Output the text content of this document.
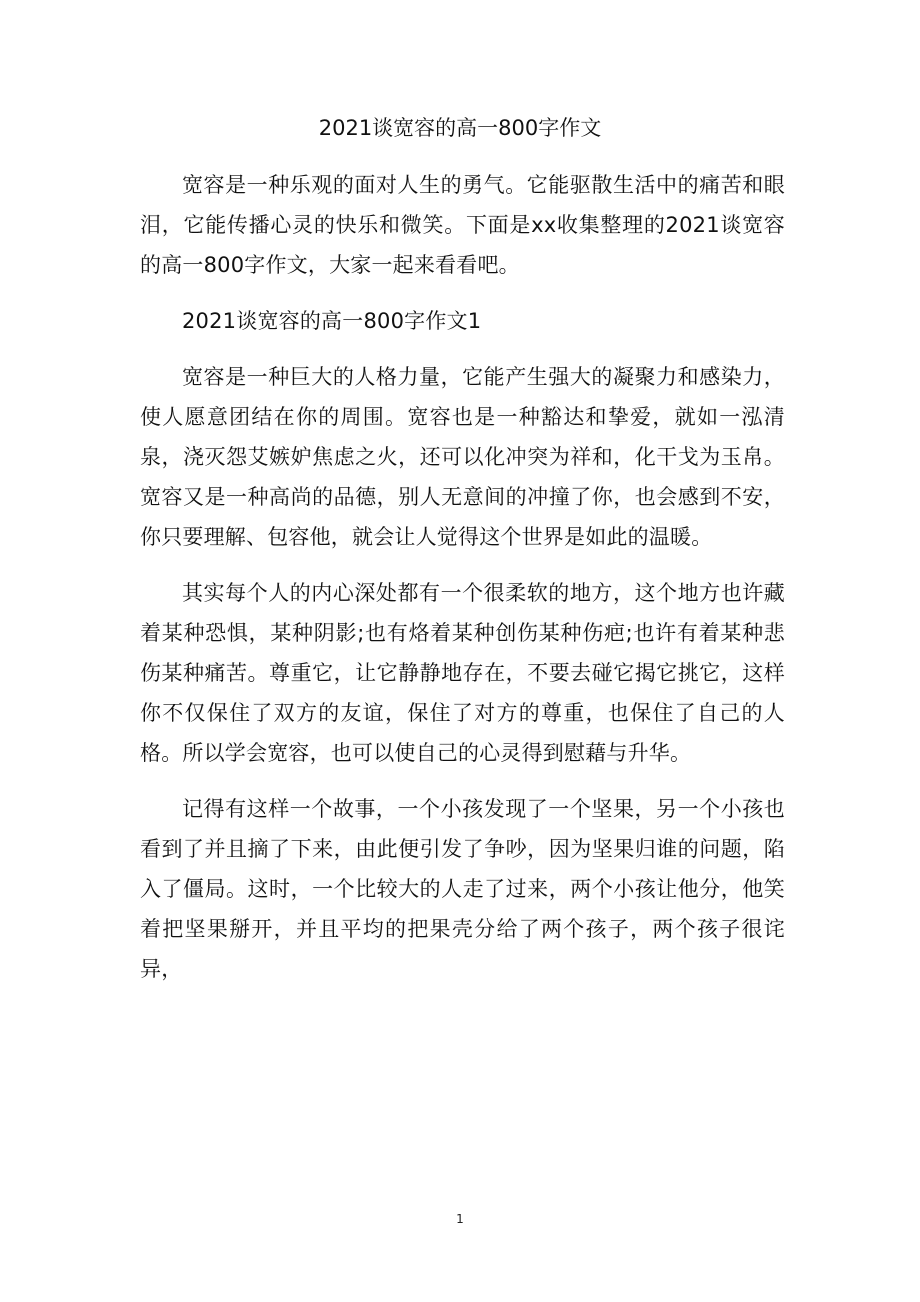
2021谈宽容的高一800字作文

宽容是一种乐观的面对人生的勇气。它能驱散生活中的痛苦和眼泪，它能传播心灵的快乐和微笑。下面是xx收集整理的2021谈宽容的高一800字作文，大家一起来看看吧。

2021谈宽容的高一800字作文1

宽容是一种巨大的人格力量，它能产生强大的凝聚力和感染力，使人愿意团结在你的周围。宽容也是一种豁达和挚爱，就如一泓清泉，浇灭怨艾嫉妒焦虑之火，还可以化冲突为祥和，化干戈为玉帛。宽容又是一种高尚的品德，别人无意间的冲撞了你，也会感到不安，你只要理解、包容他，就会让人觉得这个世界是如此的温暖。

其实每个人的内心深处都有一个很柔软的地方，这个地方也许藏着某种恐惧，某种阴影;也有烙着某种创伤某种伤疤;也许有着某种悲伤某种痛苦。尊重它，让它静静地存在，不要去碰它揭它挑它，这样你不仅保住了双方的友谊，保住了对方的尊重，也保住了自己的人格。所以学会宽容，也可以使自己的心灵得到慰藉与升华。

记得有这样一个故事，一个小孩发现了一个坚果，另一个小孩也看到了并且摘了下来，由此便引发了争吵，因为坚果归谁的问题，陷入了僵局。这时，一个比较大的人走了过来，两个小孩让他分，他笑着把坚果掰开，并且平均的把果壳分给了两个孩子，两个孩子很诧异，

1
